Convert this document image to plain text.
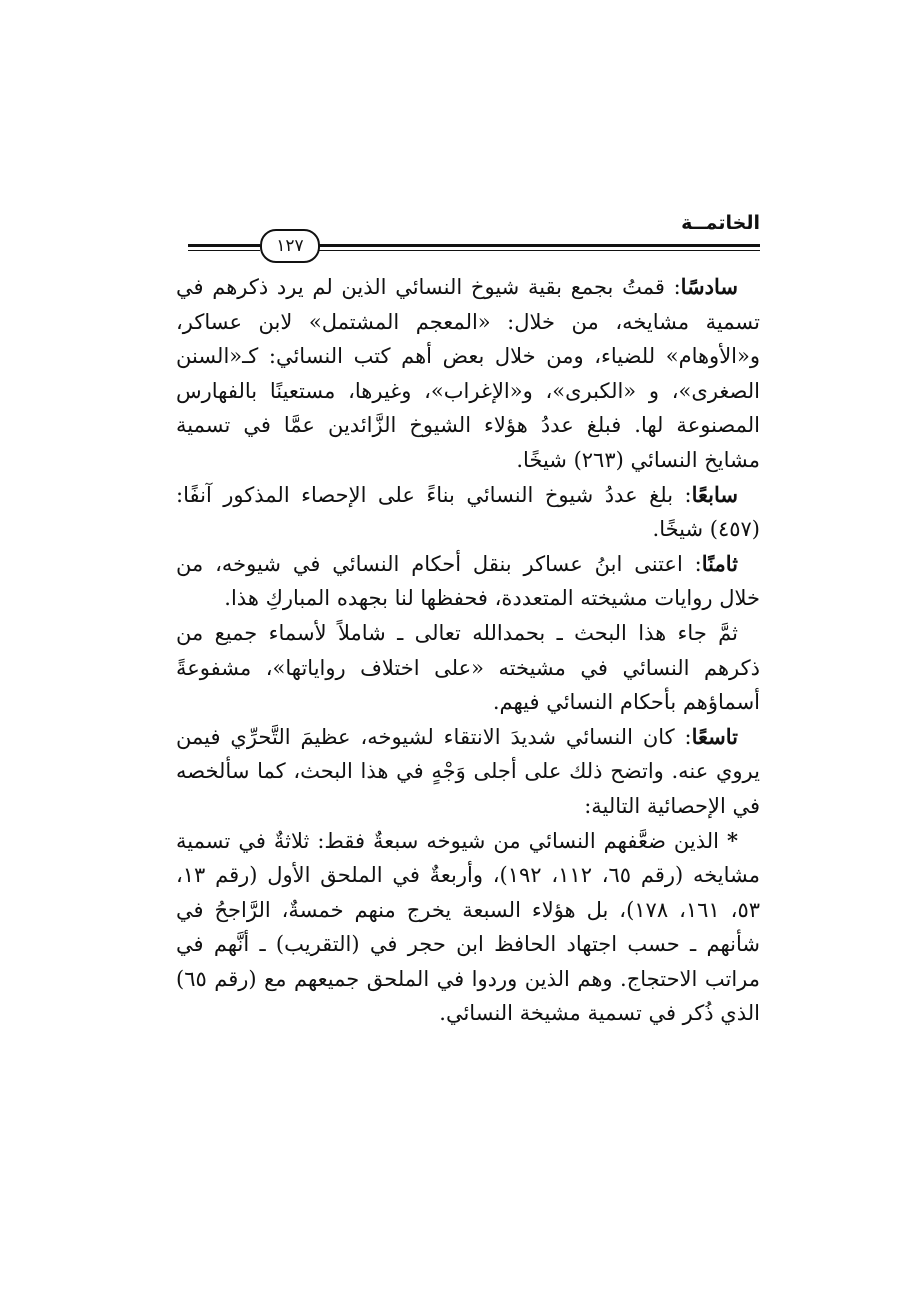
الخاتمــة
١٢٧

سادسًا: قمتُ بجمع بقية شيوخ النسائي الذين لم يرد ذكرهم في تسمية مشايخه، من خلال: «المعجم المشتمل» لابن عساكر، و«الأوهام» للضياء، ومن خلال بعض أهم كتب النسائي: كـ«السنن الصغرى»، و «الكبرى»، و«الإغراب»، وغيرها، مستعينًا بالفهارس المصنوعة لها. فبلغ عددُ هؤلاء الشيوخ الزَّائدين عمَّا في تسمية مشايخ النسائي (٢٦٣) شيخًا.

سابعًا: بلغ عددُ شيوخ النسائي بناءً على الإحصاء المذكور آنفًا: (٤٥٧) شيخًا.

ثامنًا: اعتنى ابنُ عساكر بنقل أحكام النسائي في شيوخه، من خلال روايات مشيخته المتعددة، فحفظها لنا بجهده المباركِ هذا.

ثمَّ جاء هذا البحث ـ بحمدالله تعالى ـ شاملاً لأسماء جميع من ذكرهم النسائي في مشيخته «على اختلاف رواياتها»، مشفوعةً أسماؤهم بأحكام النسائي فيهم.

تاسعًا: كان النسائي شديدَ الانتقاء لشيوخه، عظيمَ التَّحرِّي فيمن يروي عنه. واتضح ذلك على أجلى وَجْهٍ في هذا البحث، كما سألخصه في الإحصائية التالية:

* الذين ضعَّفهم النسائي من شيوخه سبعةٌ فقط: ثلاثةٌ في تسمية مشايخه (رقم ٦٥، ١١٢، ١٩٢)، وأربعةٌ في الملحق الأول (رقم ١٣، ٥٣، ١٦١، ١٧٨)، بل هؤلاء السبعة يخرج منهم خمسةٌ، الرَّاجحُ في شأنهم ـ حسب اجتهاد الحافظ ابن حجر في (التقريب) ـ أنَّهم في مراتب الاحتجاج. وهم الذين وردوا في الملحق جميعهم مع (رقم ٦٥) الذي ذُكر في تسمية مشيخة النسائي.
